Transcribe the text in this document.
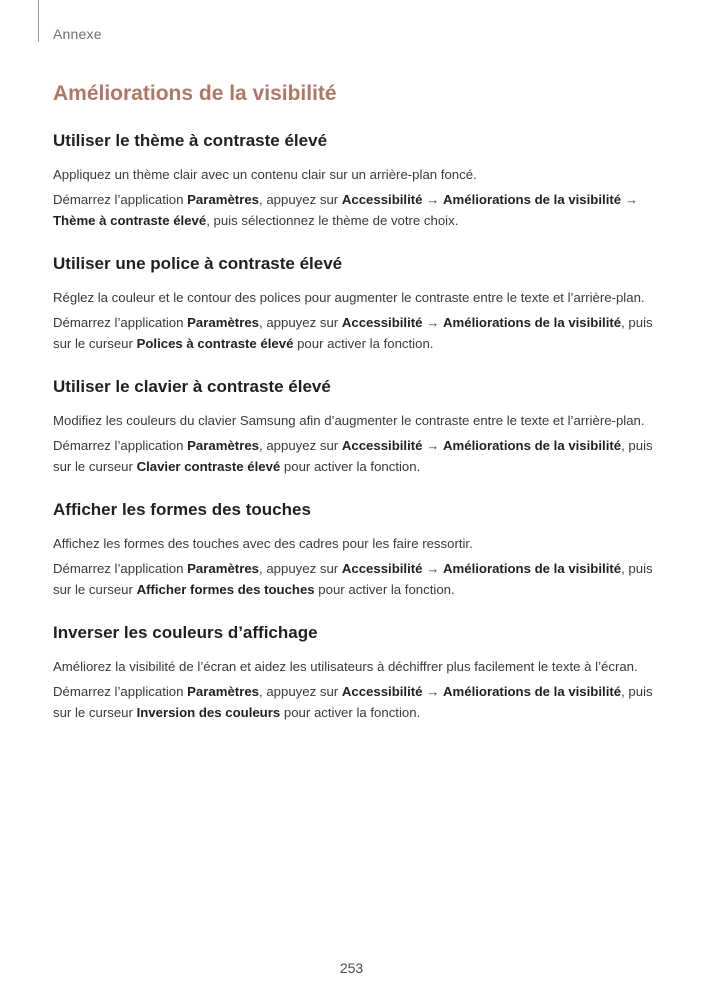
Annexe
Améliorations de la visibilité
Utiliser le thème à contraste élevé

Appliquez un thème clair avec un contenu clair sur un arrière-plan foncé.

Démarrez l’application Paramètres, appuyez sur Accessibilité → Améliorations de la visibilité → Thème à contraste élevé, puis sélectionnez le thème de votre choix.

Utiliser une police à contraste élevé

Réglez la couleur et le contour des polices pour augmenter le contraste entre le texte et l’arrière-plan.

Démarrez l’application Paramètres, appuyez sur Accessibilité → Améliorations de la visibilité, puis sur le curseur Polices à contraste élevé pour activer la fonction.

Utiliser le clavier à contraste élevé

Modifiez les couleurs du clavier Samsung afin d’augmenter le contraste entre le texte et l’arrière-plan.

Démarrez l’application Paramètres, appuyez sur Accessibilité → Améliorations de la visibilité, puis sur le curseur Clavier contraste élevé pour activer la fonction.

Afficher les formes des touches

Affichez les formes des touches avec des cadres pour les faire ressortir.

Démarrez l’application Paramètres, appuyez sur Accessibilité → Améliorations de la visibilité, puis sur le curseur Afficher formes des touches pour activer la fonction.

Inverser les couleurs d’affichage

Améliorez la visibilité de l’écran et aidez les utilisateurs à déchiffrer plus facilement le texte à l’écran.

Démarrez l’application Paramètres, appuyez sur Accessibilité → Améliorations de la visibilité, puis sur le curseur Inversion des couleurs pour activer la fonction.

253
